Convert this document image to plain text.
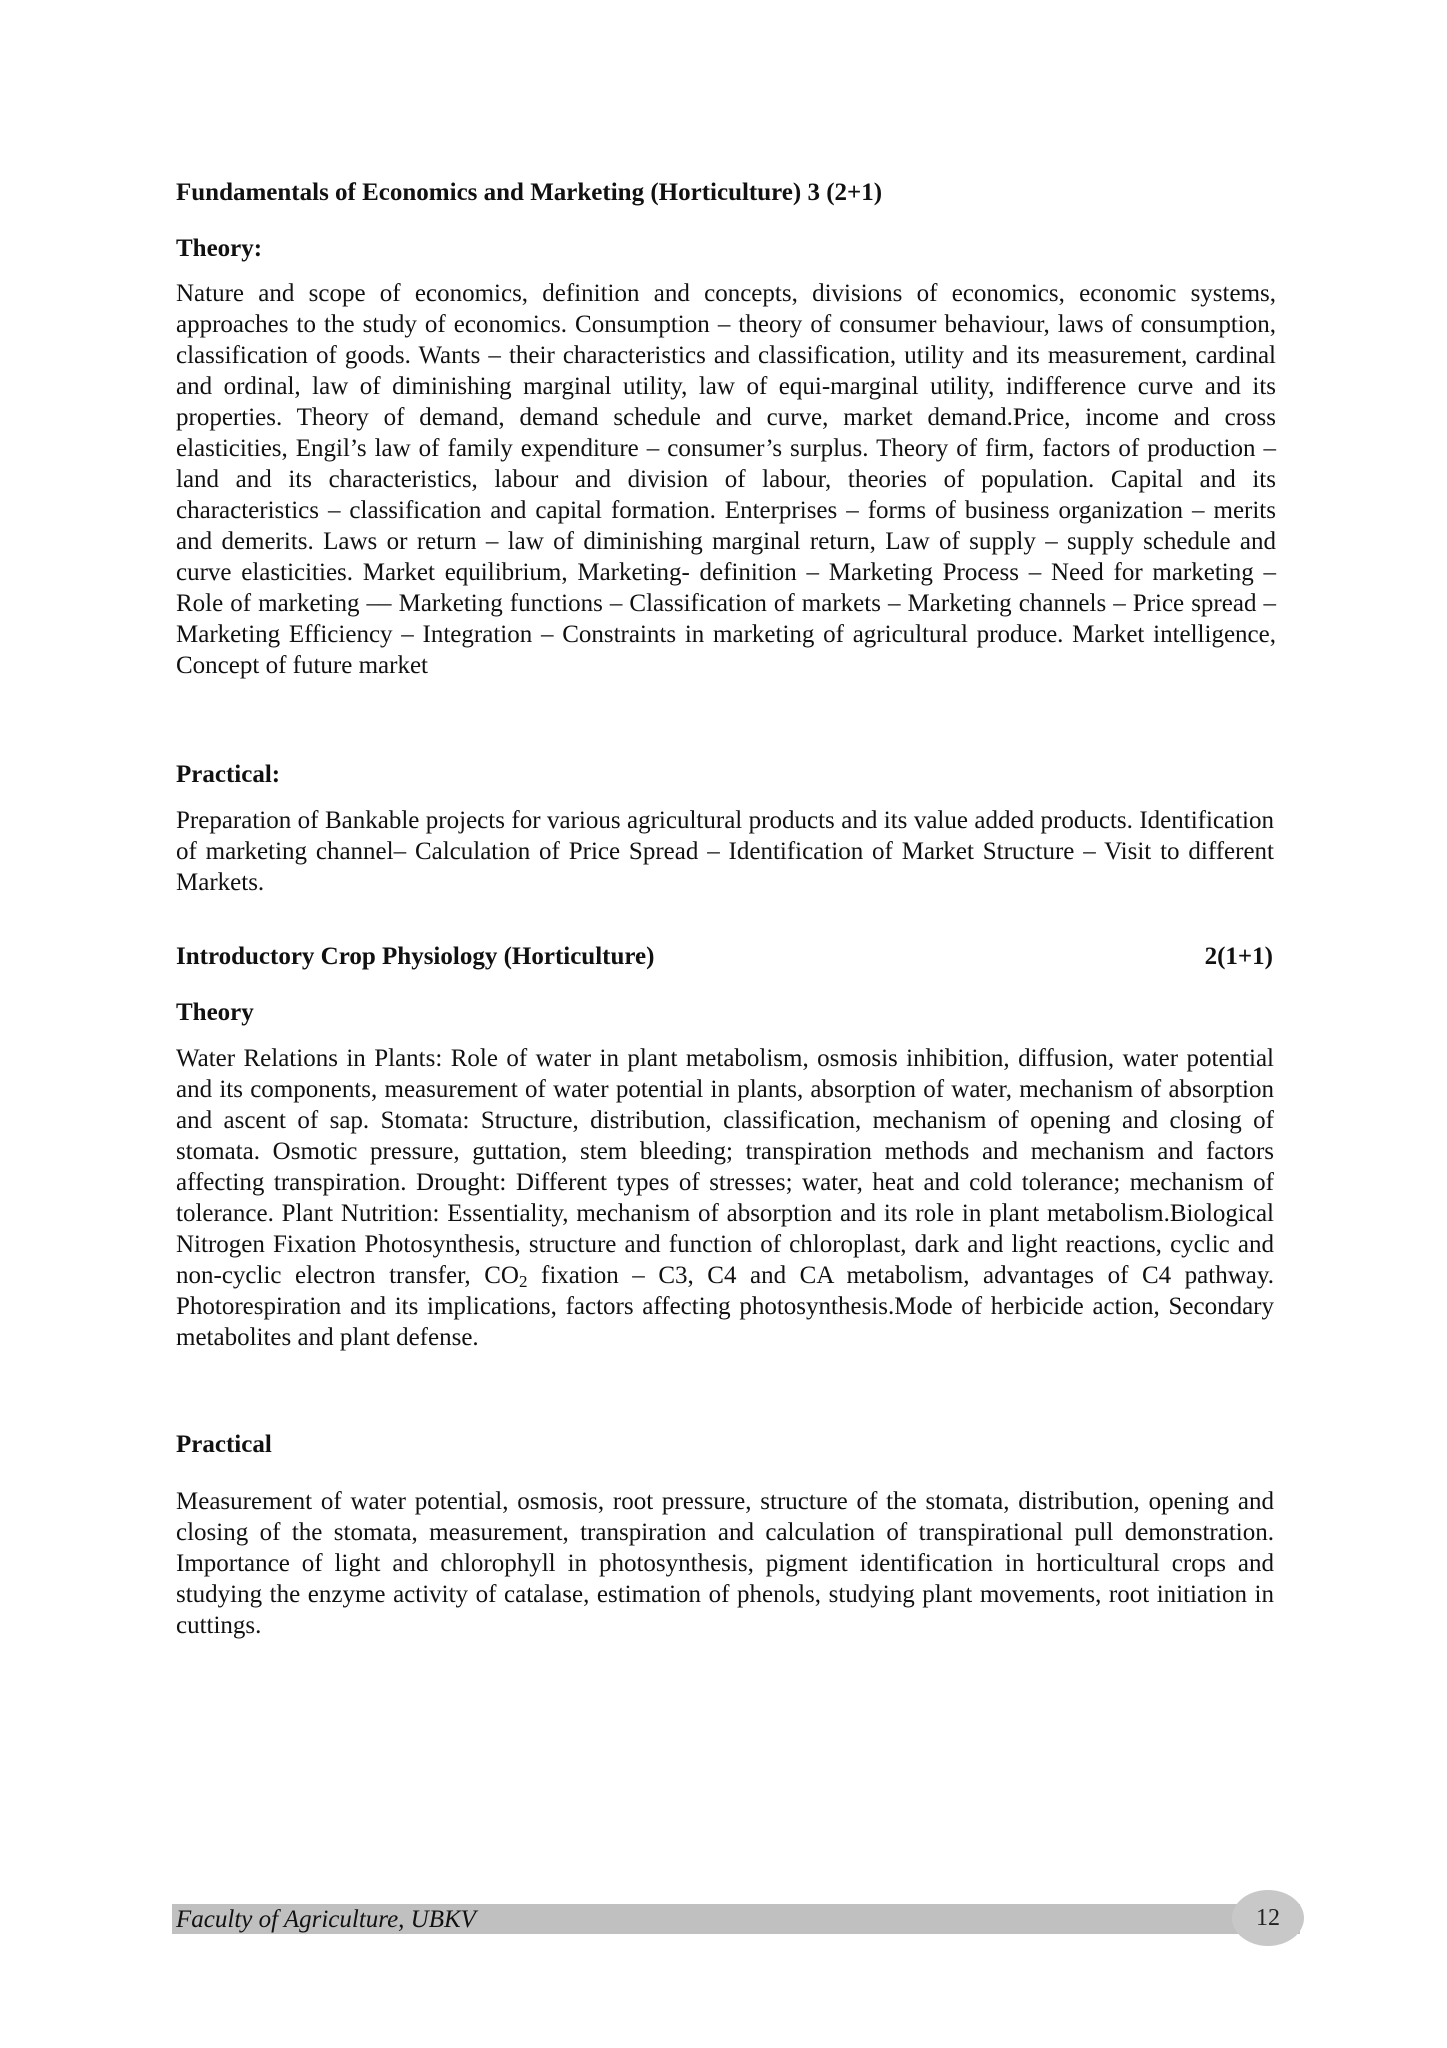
Fundamentals of Economics and Marketing (Horticulture) 3 (2+1)
Theory:

Nature and scope of economics, definition and concepts, divisions of economics, economic systems, approaches to the study of economics. Consumption – theory of consumer behaviour, laws of consumption, classification of goods. Wants – their characteristics and classification, utility and its measurement, cardinal and ordinal, law of diminishing marginal utility, law of equi-marginal utility, indifference curve and its properties. Theory of demand, demand schedule and curve, market demand.Price, income and cross elasticities, Engil’s law of family expenditure – consumer’s surplus. Theory of firm, factors of production – land and its characteristics, labour and division of labour, theories of population. Capital and its characteristics – classification and capital formation. Enterprises – forms of business organization – merits and demerits. Laws or return – law of diminishing marginal return, Law of supply – supply schedule and curve elasticities. Market equilibrium, Marketing- definition – Marketing Process – Need for marketing – Role of marketing –– Marketing functions – Classification of markets – Marketing channels – Price spread – Marketing Efficiency – Integration – Constraints in marketing of agricultural produce. Market intelligence, Concept of future market

Practical:

Preparation of Bankable projects for various agricultural products and its value added products. Identification of marketing channel– Calculation of Price Spread – Identification of Market Structure – Visit to different Markets.

Introductory Crop Physiology (Horticulture)	2(1+1)
Theory

Water Relations in Plants: Role of water in plant metabolism, osmosis inhibition, diffusion, water potential and its components, measurement of water potential in plants, absorption of water, mechanism of absorption and ascent of sap. Stomata: Structure, distribution, classification, mechanism of opening and closing of stomata. Osmotic pressure, guttation, stem bleeding; transpiration methods and mechanism and factors affecting transpiration. Drought: Different types of stresses; water, heat and cold tolerance; mechanism of tolerance. Plant Nutrition: Essentiality, mechanism of absorption and its role in plant metabolism.Biological Nitrogen Fixation Photosynthesis, structure and function of chloroplast, dark and light reactions, cyclic and non-cyclic electron transfer, $CO_2$ fixation – C3, C4 and CA metabolism, advantages of C4 pathway. Photorespiration and its implications, factors affecting photosynthesis.Mode of herbicide action, Secondary metabolites and plant defense.

Practical

Measurement of water potential, osmosis, root pressure, structure of the stomata, distribution, opening and closing of the stomata, measurement, transpiration and calculation of transpirational pull demonstration. Importance of light and chlorophyll in photosynthesis, pigment identification in horticultural crops and studying the enzyme activity of catalase, estimation of phenols, studying plant movements, root initiation in cuttings.

Faculty of Agriculture, UBKV	12
